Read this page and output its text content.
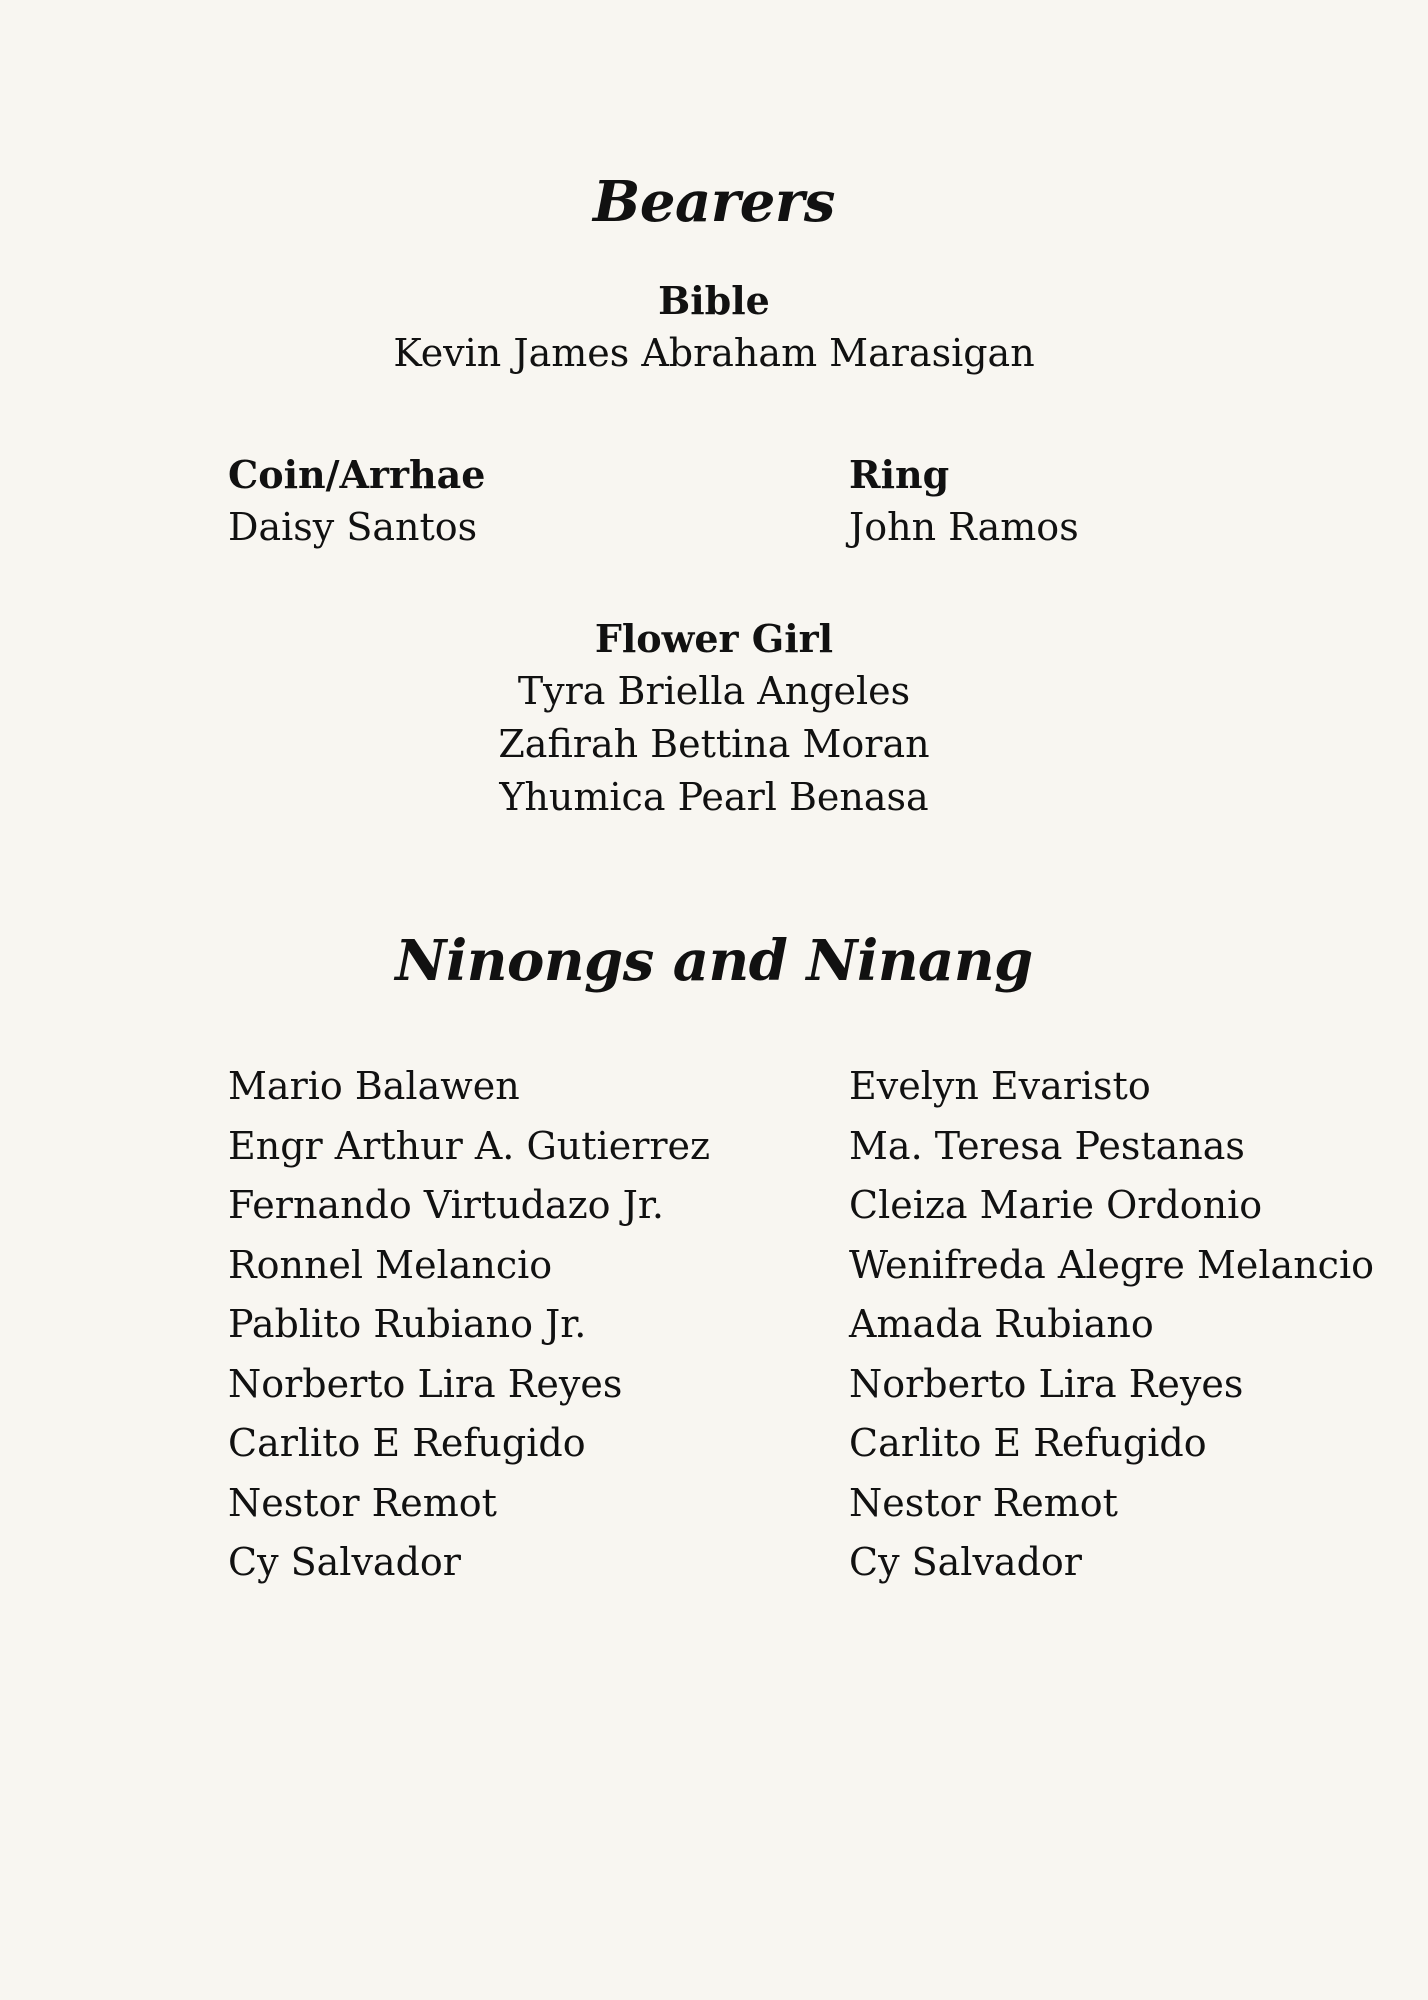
Bearers
Bible
Kevin James Abraham Marasigan
Coin/Arrhae
Daisy Santos
Ring
John Ramos
Flower Girl
Tyra Briella Angeles
Zafirah Bettina Moran
Yhumica Pearl Benasa
Ninongs and Ninang
Mario Balawen
Engr Arthur A. Gutierrez
Fernando Virtudazo Jr.
Ronnel Melancio
Pablito Rubiano Jr.
Norberto Lira Reyes
Carlito E Refugido
Nestor Remot
Cy Salvador
Evelyn Evaristo
Ma. Teresa Pestanas
Cleiza Marie Ordonio
Wenifreda Alegre Melancio
Amada Rubiano
Norberto Lira Reyes
Carlito E Refugido
Nestor Remot
Cy Salvador
